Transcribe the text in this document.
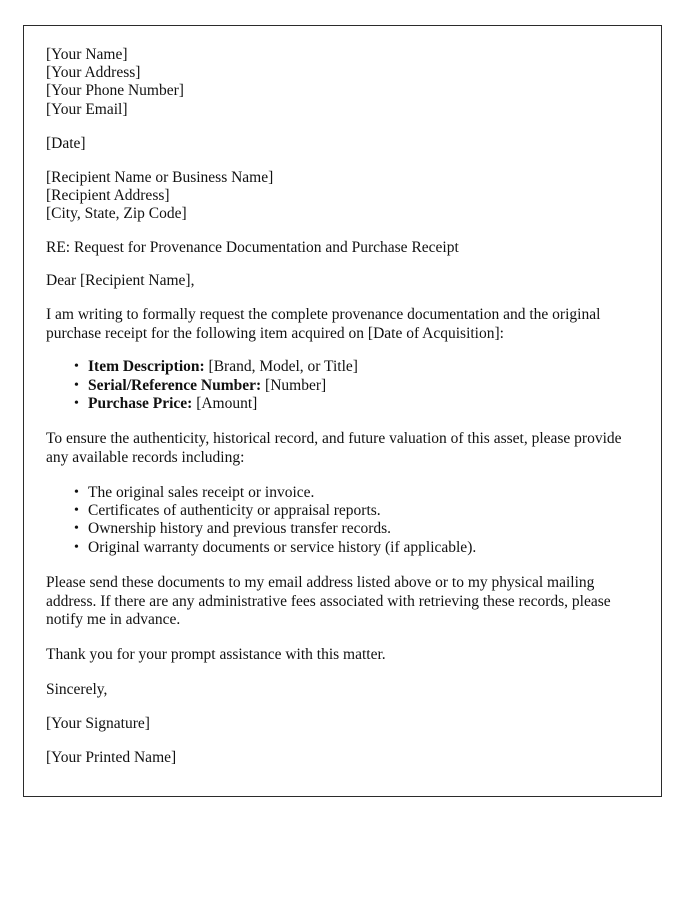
[Your Name]
[Your Address]
[Your Phone Number]
[Your Email]
[Date]
[Recipient Name or Business Name]
[Recipient Address]
[City, State, Zip Code]
RE: Request for Provenance Documentation and Purchase Receipt
Dear [Recipient Name],

I am writing to formally request the complete provenance documentation and the original purchase receipt for the following item acquired on [Date of Acquisition]:

• Item Description: [Brand, Model, or Title]
• Serial/Reference Number: [Number]
• Purchase Price: [Amount]

To ensure the authenticity, historical record, and future valuation of this asset, please provide any available records including:

• The original sales receipt or invoice.
• Certificates of authenticity or appraisal reports.
• Ownership history and previous transfer records.
• Original warranty documents or service history (if applicable).

Please send these documents to my email address listed above or to my physical mailing address. If there are any administrative fees associated with retrieving these records, please notify me in advance.

Thank you for your prompt assistance with this matter.

Sincerely,
[Your Signature]
[Your Printed Name]
